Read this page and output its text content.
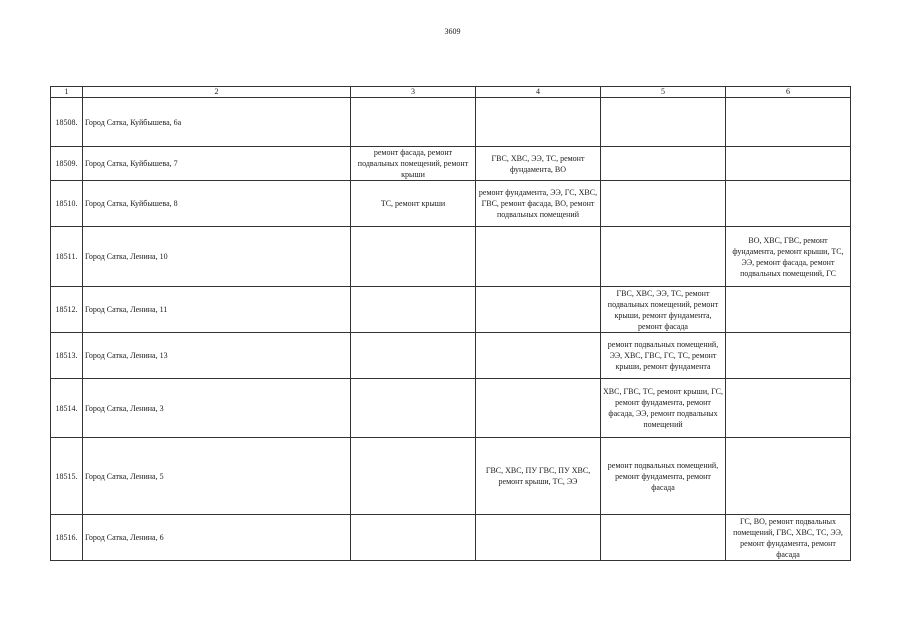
3609
1	2	3	4	5	6
18508.	Город Сатка, Куйбышева, 6а				
18509.	Город Сатка, Куйбышева, 7	ремонт фасада, ремонт подвальных помещений, ремонт крыши	ГВС, ХВС, ЭЭ, ТС, ремонт фундамента, ВО		
18510.	Город Сатка, Куйбышева, 8	ТС, ремонт крыши	ремонт фундамента, ЭЭ, ГС, ХВС, ГВС, ремонт фасада, ВО, ремонт подвальных помещений		
18511.	Город Сатка, Ленина, 10				ВО, ХВС, ГВС, ремонт фундамента, ремонт крыши, ТС, ЭЭ, ремонт фасада, ремонт подвальных помещений, ГС
18512.	Город Сатка, Ленина, 11			ГВС, ХВС, ЭЭ, ТС, ремонт подвальных помещений, ремонт крыши, ремонт фундамента, ремонт фасада	
18513.	Город Сатка, Ленина, 13			ремонт подвальных помещений, ЭЭ, ХВС, ГВС, ГС, ТС, ремонт крыши, ремонт фундамента	
18514.	Город Сатка, Ленина, 3			ХВС, ГВС, ТС, ремонт крыши, ГС, ремонт фундамента, ремонт фасада, ЭЭ, ремонт подвальных помещений	
18515.	Город Сатка, Ленина, 5		ГВС, ХВС, ПУ ГВС, ПУ ХВС, ремонт крыши, ТС, ЭЭ	ремонт подвальных помещений, ремонт фундамента, ремонт фасада	
18516.	Город Сатка, Ленина, 6				ГС, ВО, ремонт подвальных помещений, ГВС, ХВС, ТС, ЭЭ, ремонт фундамента, ремонт фасада
